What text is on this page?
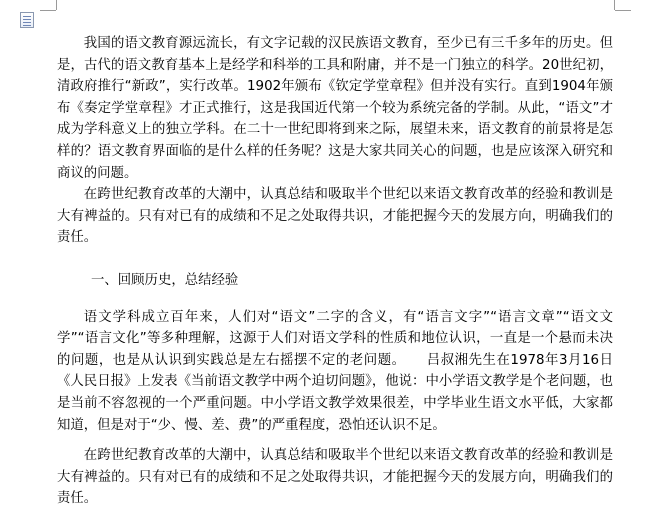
我国的语文教育源远流长，有文字记载的汉民族语文教育，至少已有三千多年的历史。但是，古代的语文教育基本上是经学和科举的工具和附庸，并不是一门独立的科学。20世纪初，清政府推行“新政”，实行改革。1902年颁布《钦定学堂章程》但并没有实行。直到1904年颁布《奏定学堂章程》才正式推行，这是我国近代第一个较为系统完备的学制。从此，“语文”才成为学科意义上的独立学科。在二十一世纪即将到来之际，展望未来，语文教育的前景将是怎样的？语文教育界面临的是什么样的任务呢？这是大家共同关心的问题，也是应该深入研究和商议的问题。

在跨世纪教育改革的大潮中，认真总结和吸取半个世纪以来语文教育改革的经验和教训是大有裨益的。只有对已有的成绩和不足之处取得共识，才能把握今天的发展方向，明确我们的责任。

一、回顾历史，总结经验

语文学科成立百年来，人们对“语文”二字的含义，有“语言文字”“语言文章”“语文文学”“语言文化”等多种理解，这源于人们对语文学科的性质和地位认识，一直是一个悬而未决的问题，也是从认识到实践总是左右摇摆不定的老问题。　　吕叔湘先生在1978年3月16日《人民日报》上发表《当前语文教学中两个迫切问题》，他说：中小学语文教学是个老问题，也是当前不容忽视的一个严重问题。中小学语文教学效果很差，中学毕业生语文水平低，大家都知道，但是对于“少、慢、差、费”的严重程度，恐怕还认识不足。

在跨世纪教育改革的大潮中，认真总结和吸取半个世纪以来语文教育改革的经验和教训是大有裨益的。只有对已有的成绩和不足之处取得共识，才能把握今天的发展方向，明确我们的责任。
